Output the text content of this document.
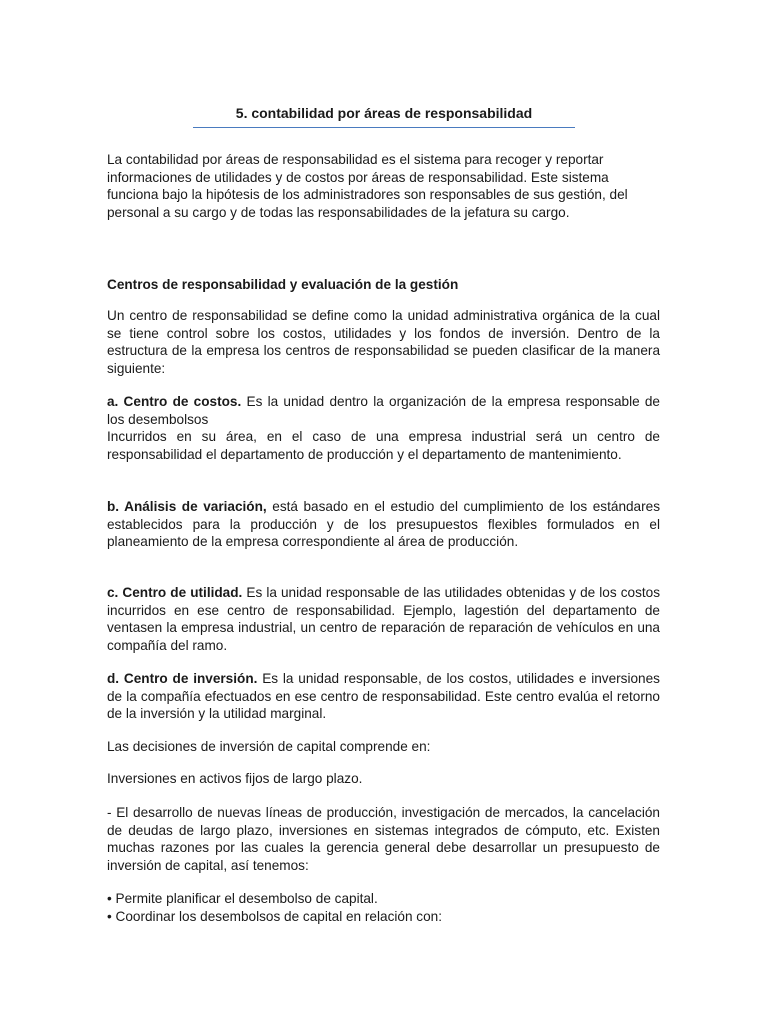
5. contabilidad por áreas de responsabilidad

La contabilidad por áreas de responsabilidad es el sistema para recoger y reportar informaciones de utilidades y de costos por áreas de responsabilidad. Este sistema funciona bajo la hipótesis de los administradores son responsables de sus gestión, del personal a su cargo y de todas las responsabilidades de la jefatura su cargo.

Centros de responsabilidad y evaluación de la gestión

Un centro de responsabilidad se define como la unidad administrativa orgánica de la cual se tiene control sobre los costos, utilidades y los fondos de inversión. Dentro de la estructura de la empresa los centros de responsabilidad se pueden clasificar de la manera siguiente:

a. Centro de costos. Es la unidad dentro la organización de la empresa responsable de los desembolsos
Incurridos en su área, en el caso de una empresa industrial será un centro de responsabilidad el departamento de producción y el departamento de mantenimiento.

b. Análisis de variación, está basado en el estudio del cumplimiento de los estándares establecidos para la producción y de los presupuestos flexibles formulados en el planeamiento de la empresa correspondiente al área de producción.

c. Centro de utilidad. Es la unidad responsable de las utilidades obtenidas y de los costos incurridos en ese centro de responsabilidad. Ejemplo, lagestión del departamento de ventasen la empresa industrial, un centro de reparación de reparación de vehículos en una compañía del ramo.

d. Centro de inversión. Es la unidad responsable, de los costos, utilidades e inversiones de la compañía efectuados en ese centro de responsabilidad. Este centro evalúa el retorno de la inversión y la utilidad marginal.

Las decisiones de inversión de capital comprende en:

Inversiones en activos fijos de largo plazo.

- El desarrollo de nuevas líneas de producción, investigación de mercados, la cancelación de deudas de largo plazo, inversiones en sistemas integrados de cómputo, etc. Existen muchas razones por las cuales la gerencia general debe desarrollar un presupuesto de inversión de capital, así tenemos:

• Permite planificar el desembolso de capital.
• Coordinar los desembolsos de capital en relación con:
